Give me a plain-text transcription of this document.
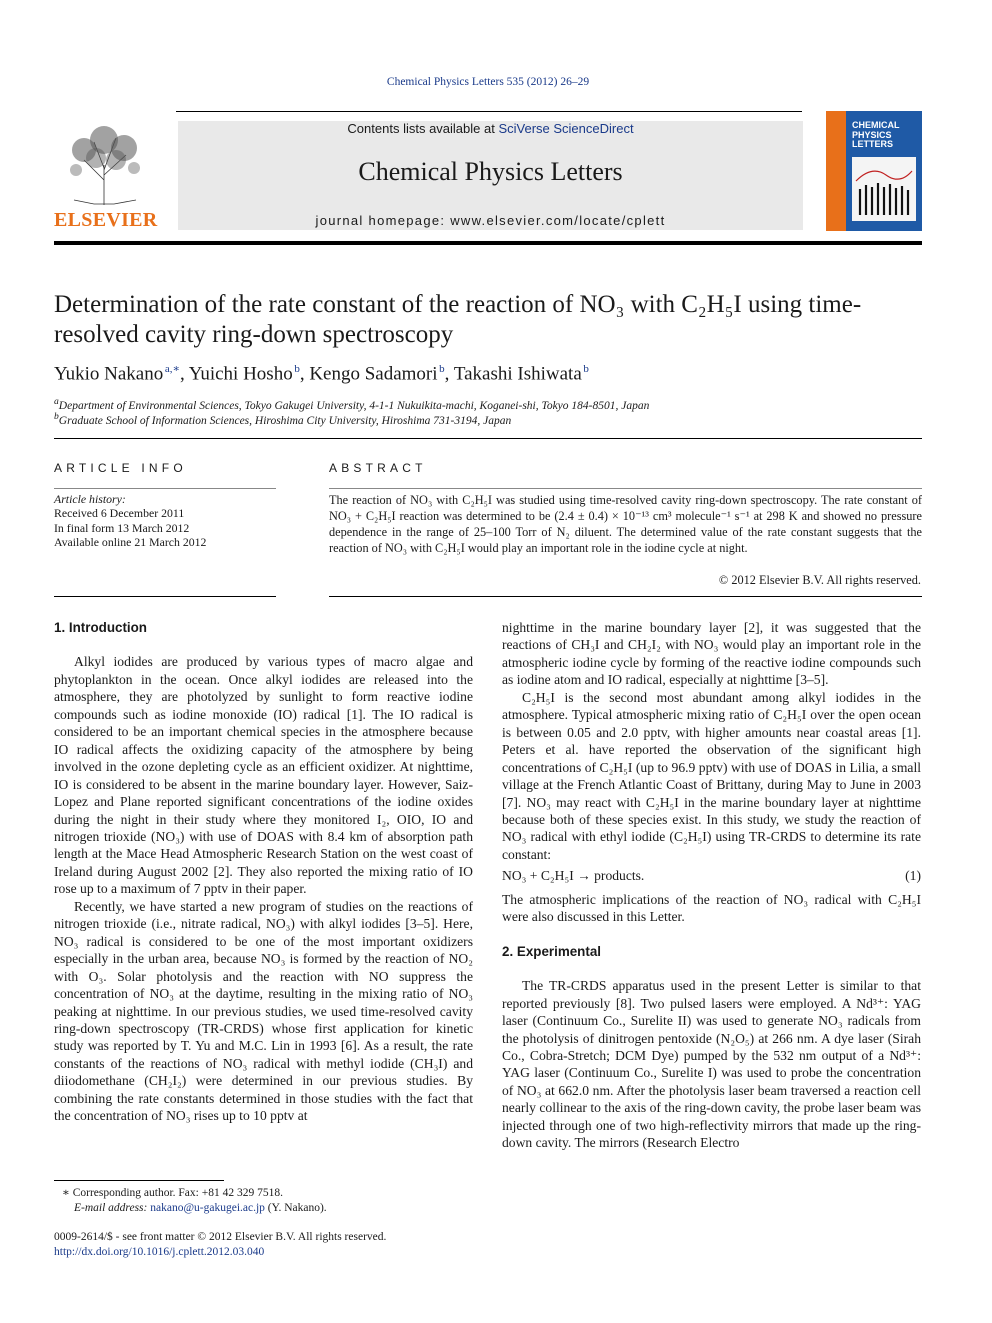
Chemical Physics Letters 535 (2012) 26–29
ELSEVIER
Contents lists available at SciVerse ScienceDirect
Chemical Physics Letters
journal homepage: www.elsevier.com/locate/cplett
CHEMICAL PHYSICS LETTERS
Determination of the rate constant of the reaction of NO₃ with C₂H₅I using time-resolved cavity ring-down spectroscopy
Yukio Nakano  $^{a,∗}$, Yuichi Hosho  $^b$, Kengo Sadamori  $^b$, Takashi Ishiwata  $^b$
$^a$Department of Environmental Sciences, Tokyo Gakugei University, 4-1-1 Nukuikita-machi, Koganei-shi, Tokyo 184-8501, Japan
$^b$Graduate School of Information Sciences, Hiroshima City University, Hiroshima 731-3194, Japan
ARTICLE INFO	ABSTRACT
Article history:
Received 6 December 2011
In final form 13 March 2012
Available online 21 March 2012
The reaction of NO₃ with C₂H₅I was studied using time-resolved cavity ring-down spectroscopy. The rate constant of NO₃ + C₂H₅I reaction was determined to be (2.4 ± 0.4) × 10⁻¹³ cm³ molecule⁻¹ s⁻¹ at 298 K and showed no pressure dependence in the range of 25–100 Torr of N₂ diluent. The determined value of the rate constant suggests that the reaction of NO₃ with C₂H₅I would play an important role in the iodine cycle at night.
© 2012 Elsevier B.V. All rights reserved.
1. Introduction

Alkyl iodides are produced by various types of macro algae and phytoplankton in the ocean. Once alkyl iodides are released into the atmosphere, they are photolyzed by sunlight to form reactive iodine compounds such as iodine monoxide (IO) radical [1]. The IO radical is considered to be an important chemical species in the atmosphere because IO radical affects the oxidizing capacity of the atmosphere by being involved in the ozone depleting cycle as an efficient oxidizer. At nighttime, IO is considered to be absent in the marine boundary layer. However, Saiz-Lopez and Plane reported significant concentrations of the iodine oxides during the night in their study where they monitored I₂, OIO, IO and nitrogen trioxide (NO₃) with use of DOAS with 8.4 km of absorption path length at the Mace Head Atmospheric Research Station on the west coast of Ireland during August 2002 [2]. They also reported the mixing ratio of IO rose up to a maximum of 7 pptv in their paper.

Recently, we have started a new program of studies on the reactions of nitrogen trioxide (i.e., nitrate radical, NO₃) with alkyl iodides [3–5]. Here, NO₃ radical is considered to be one of the most important oxidizers especially in the urban area, because NO₃ is formed by the reaction of NO₂ with O₃. Solar photolysis and the reaction with NO suppress the concentration of NO₃ at the daytime, resulting in the mixing ratio of NO₃ peaking at nighttime. In our previous studies, we used time-resolved cavity ring-down spectroscopy (TR-CRDS) whose first application for kinetic study was reported by T. Yu and M.C. Lin in 1993 [6]. As a result, the rate constants of the reactions of NO₃ radical with methyl iodide (CH₃I) and diiodomethane (CH₂I₂) were determined in our previous studies. By combining the rate constants determined in those studies with the fact that the concentration of NO₃ rises up to 10 pptv at

nighttime in the marine boundary layer [2], it was suggested that the reactions of CH₃I and CH₂I₂ with NO₃ would play an important role in the atmospheric iodine cycle by forming of the reactive iodine compounds such as iodine atom and IO radical, especially at nighttime [3–5].

C₂H₅I is the second most abundant among alkyl iodides in the atmosphere. Typical atmospheric mixing ratio of C₂H₅I over the open ocean is between 0.05 and 2.0 pptv, with higher amounts near coastal areas [1]. Peters et al. have reported the observation of the significant high concentrations of C₂H₅I (up to 96.9 pptv) with use of DOAS in Lilia, a small village at the French Atlantic Coast of Brittany, during May to June in 2003 [7]. NO₃ may react with C₂H₅I in the marine boundary layer at nighttime because both of these species exist. In this study, we study the reaction of NO₃ radical with ethyl iodide (C₂H₅I) using TR-CRDS to determine its rate constant:

NO₃ + C₂H₅I → products.	(1)

The atmospheric implications of the reaction of NO₃ radical with C₂H₅I were also discussed in this Letter.

2. Experimental

The TR-CRDS apparatus used in the present Letter is similar to that reported previously [8]. Two pulsed lasers were employed. A Nd³⁺: YAG laser (Continuum Co., Surelite II) was used to generate NO₃ radicals from the photolysis of dinitrogen pentoxide (N₂O₅) at 266 nm. A dye laser (Sirah Co., Cobra-Stretch; DCM Dye) pumped by the 532 nm output of a Nd³⁺: YAG laser (Continuum Co., Surelite I) was used to probe the concentration of NO₃ at 662.0 nm. After the photolysis laser beam traversed a reaction cell nearly collinear to the axis of the ring-down cavity, the probe laser beam was injected through one of two high-reflectivity mirrors that made up the ring-down cavity. The mirrors (Research Electro

∗ Corresponding author. Fax: +81 42 329 7518.
E-mail address: nakano@u-gakugei.ac.jp (Y. Nakano).
0009-2614/$ - see front matter © 2012 Elsevier B.V. All rights reserved.
http://dx.doi.org/10.1016/j.cplett.2012.03.040
